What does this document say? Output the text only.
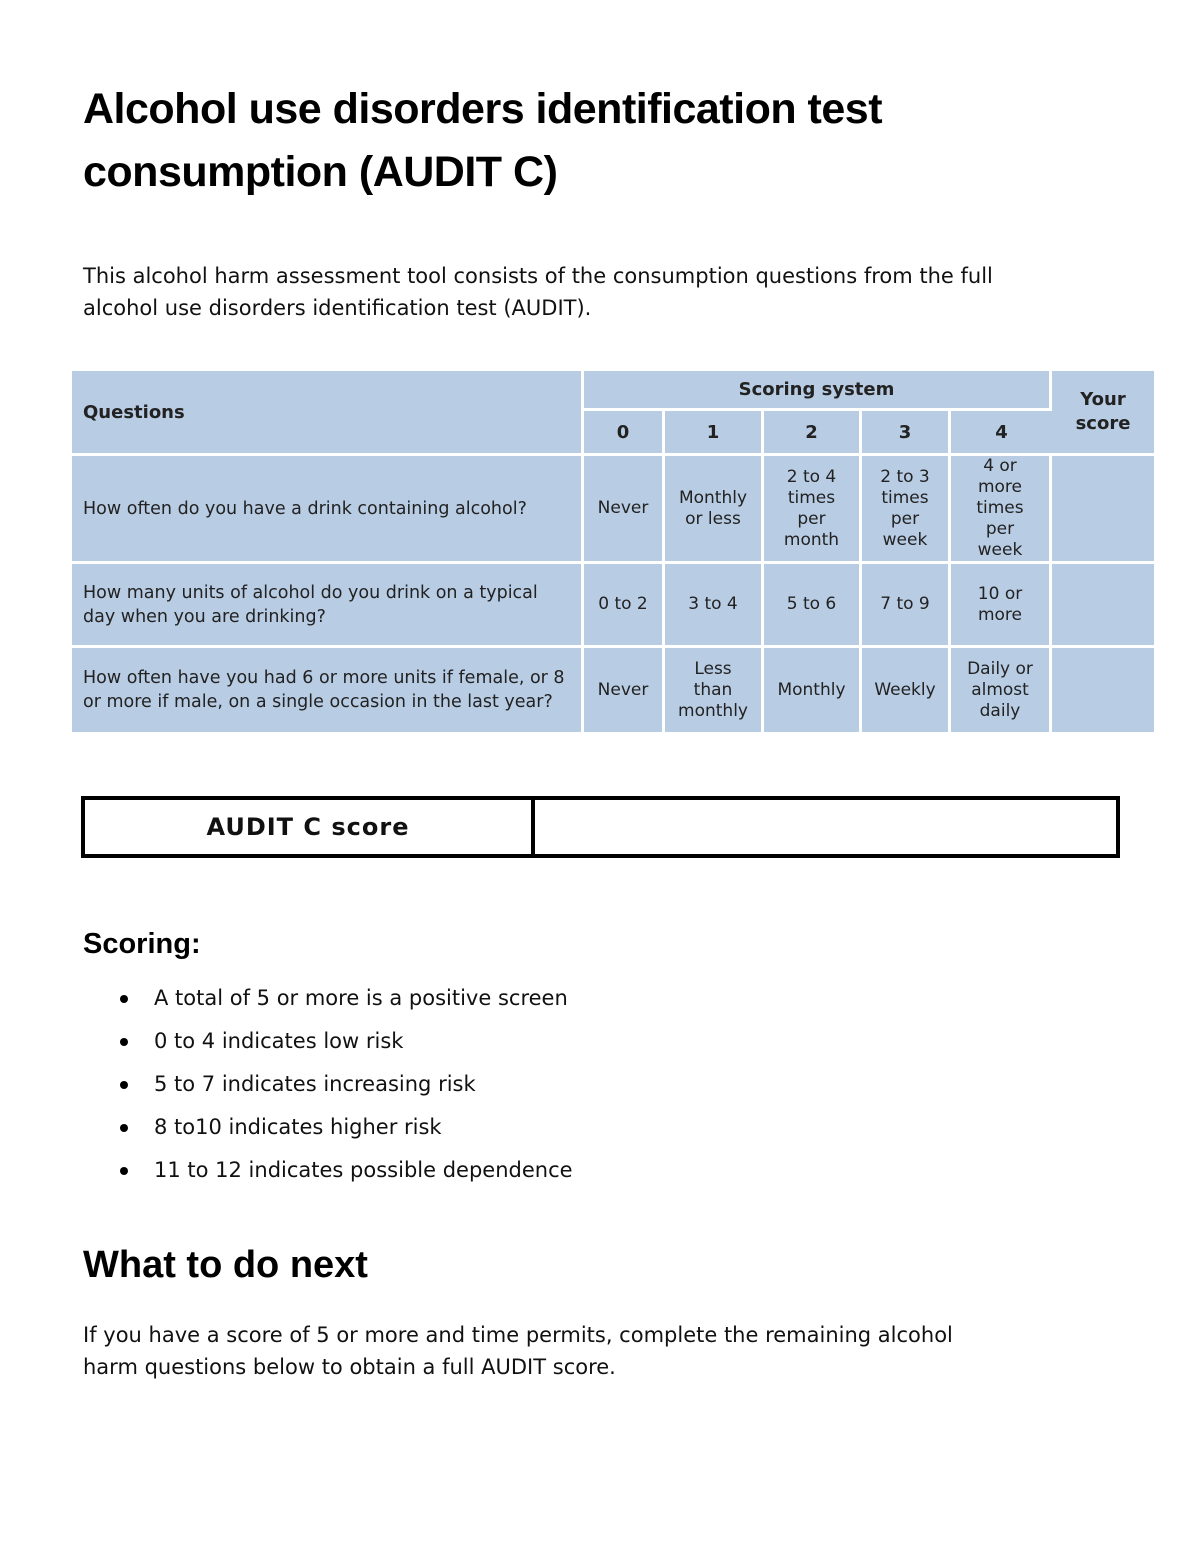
Alcohol use disorders identification test
consumption (AUDIT C)

This alcohol harm assessment tool consists of the consumption questions from the full
alcohol use disorders identification test (AUDIT).

Questions	Scoring system					Your
score

	0	1	2	3	4	
How often do you have a drink containing alcohol?	Never	Monthly
or less	2 to 4
times
per
month	2 to 3
times
per
week	4 or
more
times
per
week	

How many units of alcohol do you drink on a typical day when you are drinking?	0 to 2	3 to 4	5 to 6	7 to 9	10 or
more	

How often have you had 6 or more units if female, or 8 or more if male, on a single occasion in the last year?	Never	Less
than
monthly	Monthly	Weekly	Daily or
almost
daily	

AUDIT C score
Scoring:
A total of 5 or more is a positive screen
0 to 4 indicates low risk
5 to 7 indicates increasing risk
8 to10 indicates higher risk
11 to 12 indicates possible dependence
What to do next

If you have a score of 5 or more and time permits, complete the remaining alcohol
harm questions below to obtain a full AUDIT score.
